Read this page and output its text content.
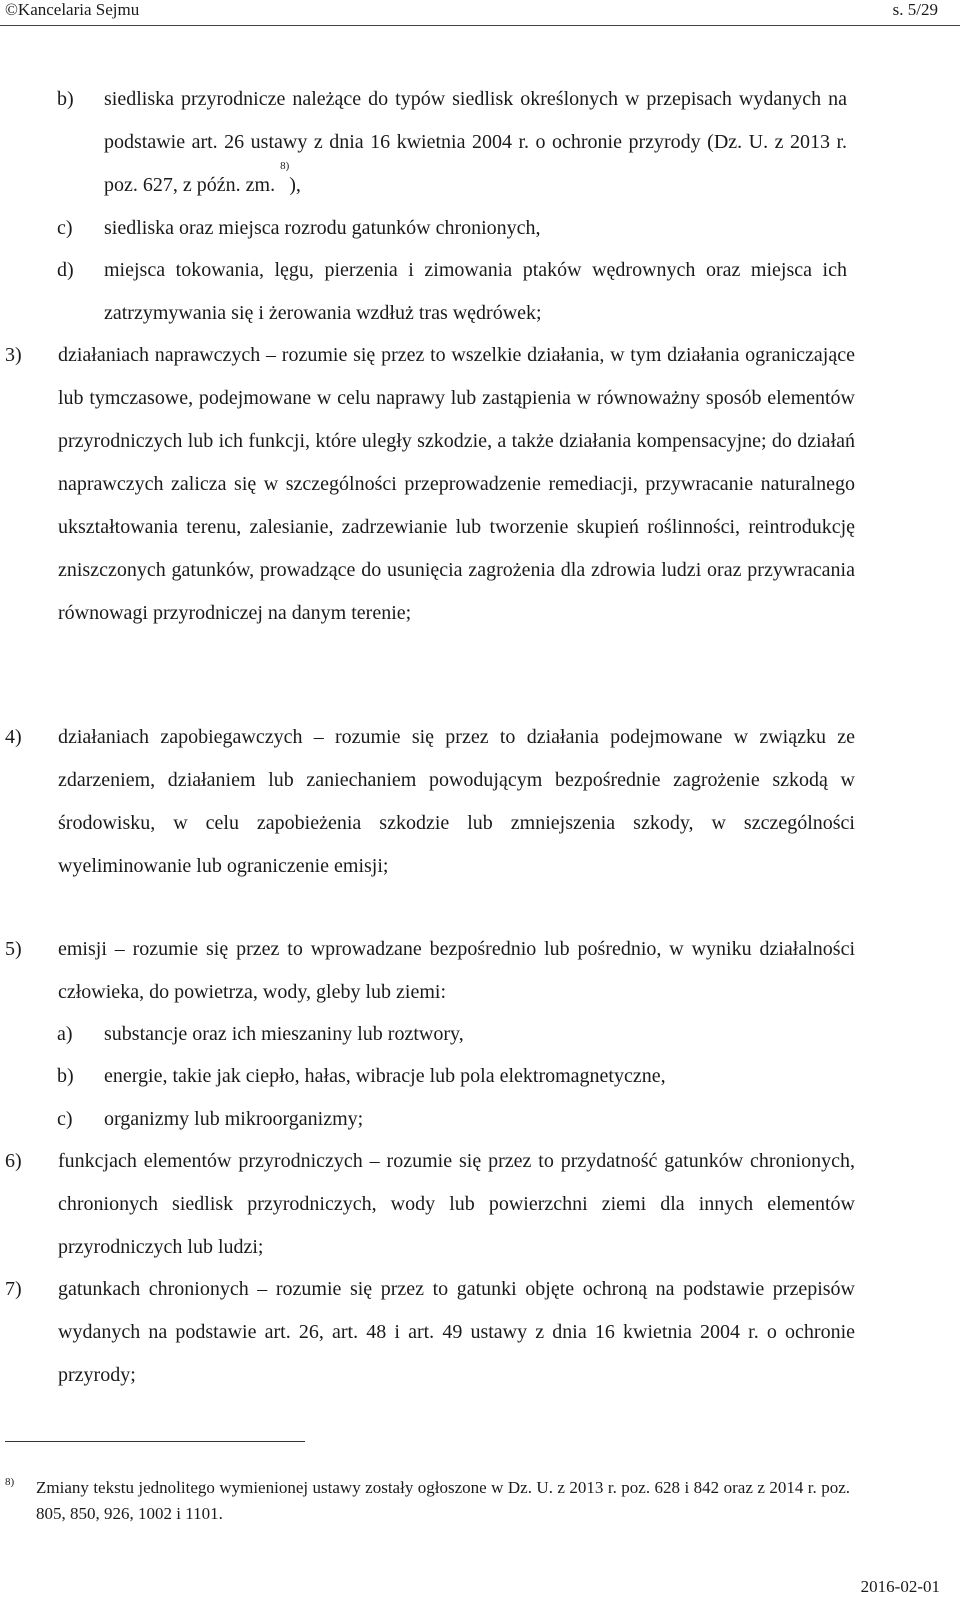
©Kancelaria Sejmu	s. 5/29
b) siedliska przyrodnicze należące do typów siedlisk określonych w przepisach wydanych na podstawie art. 26 ustawy z dnia 16 kwietnia 2004 r. o ochronie przyrody (Dz. U. z 2013 r. poz. 627, z późn. zm. $^{8)}$),
c) siedliska oraz miejsca rozrodu gatunków chronionych,
d) miejsca tokowania, lęgu, pierzenia i zimowania ptaków wędrownych oraz miejsca ich zatrzymywania się i żerowania wzdłuż tras wędrówek;
3) działaniach naprawczych – rozumie się przez to wszelkie działania, w tym działania ograniczające lub tymczasowe, podejmowane w celu naprawy lub zastąpienia w równoważny sposób elementów przyrodniczych lub ich funkcji, które uległy szkodzie, a także działania kompensacyjne; do działań naprawczych zalicza się w szczególności przeprowadzenie remediacji, przywracanie naturalnego ukształtowania terenu, zalesianie, zadrzewianie lub tworzenie skupień roślinności, reintrodukcję zniszczonych gatunków, prowadzące do usunięcia zagrożenia dla zdrowia ludzi oraz przywracania równowagi przyrodniczej na danym terenie;
4) działaniach zapobiegawczych – rozumie się przez to działania podejmowane w związku ze zdarzeniem, działaniem lub zaniechaniem powodującym bezpośrednie zagrożenie szkodą w środowisku, w celu zapobieżenia szkodzie lub zmniejszenia szkody, w szczególności wyeliminowanie lub ograniczenie emisji;
5) emisji – rozumie się przez to wprowadzane bezpośrednio lub pośrednio, w wyniku działalności człowieka, do powietrza, wody, gleby lub ziemi:
a) substancje oraz ich mieszaniny lub roztwory,
b) energie, takie jak ciepło, hałas, wibracje lub pola elektromagnetyczne,
c) organizmy lub mikroorganizmy;
6) funkcjach elementów przyrodniczych – rozumie się przez to przydatność gatunków chronionych, chronionych siedlisk przyrodniczych, wody lub powierzchni ziemi dla innych elementów przyrodniczych lub ludzi;
7) gatunkach chronionych – rozumie się przez to gatunki objęte ochroną na podstawie przepisów wydanych na podstawie art. 26, art. 48 i art. 49 ustawy z dnia 16 kwietnia 2004 r. o ochronie przyrody;
8) Zmiany tekstu jednolitego wymienionej ustawy zostały ogłoszone w Dz. U. z 2013 r. poz. 628 i 842 oraz z 2014 r. poz. 805, 850, 926, 1002 i 1101.
2016-02-01
